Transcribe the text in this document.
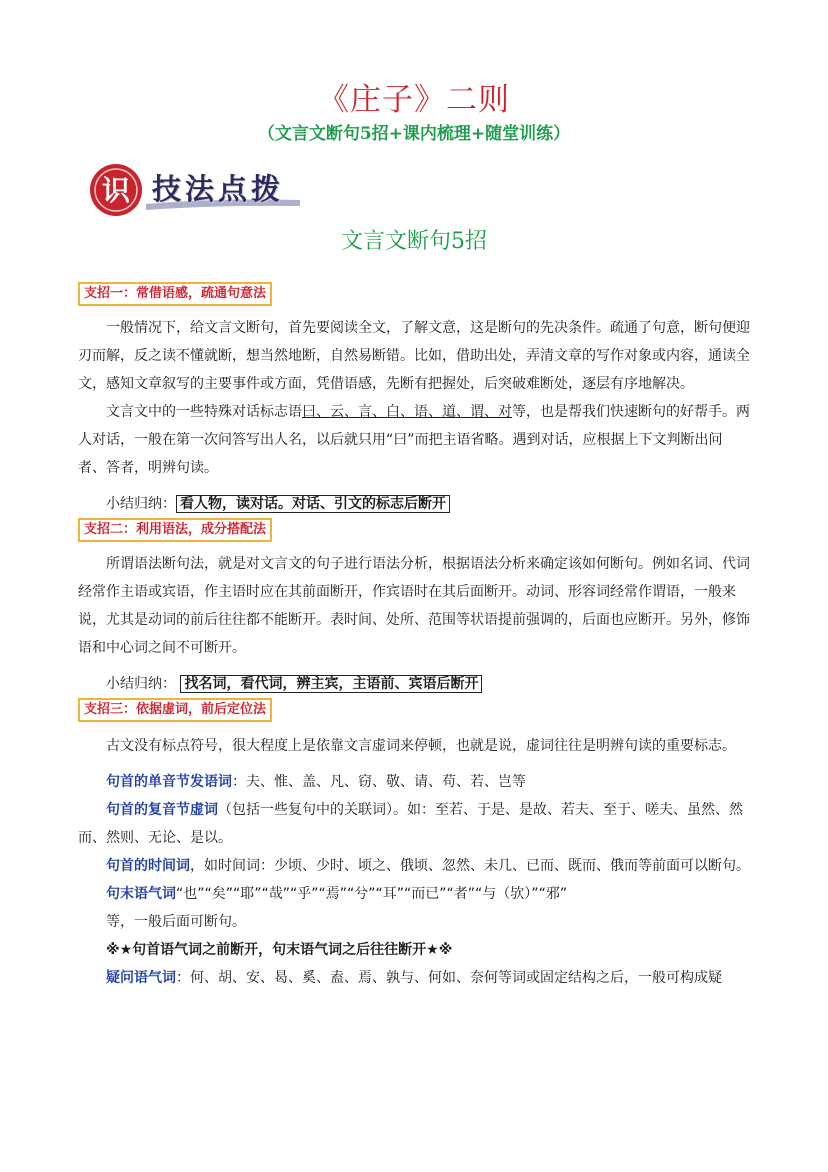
《庄子》二则
（文言文断句5招+课内梳理+随堂训练）
识 技法点拨
文言文断句5招
支招一：常借语感，疏通句意法

一般情况下，给文言文断句，首先要阅读全文，了解文意，这是断句的先决条件。疏通了句意，断句便迎刃而解，反之读不懂就断，想当然地断，自然易断错。比如，借助出处，弄清文章的写作对象或内容，通读全文，感知文章叙写的主要事件或方面，凭借语感，先断有把握处，后突破难断处，逐层有序地解决。

文言文中的一些特殊对话标志语曰、云、言、白、语、道、谓、对等，也是帮我们快速断句的好帮手。两人对话，一般在第一次问答写出人名，以后就只用“曰”而把主语省略。遇到对话，应根据上下文判断出问者、答者，明辨句读。

小结归纳： 看人物，读对话。对话、引文的标志后断开

支招二：利用语法，成分搭配法

所谓语法断句法，就是对文言文的句子进行语法分析，根据语法分析来确定该如何断句。例如名词、代词经常作主语或宾语，作主语时应在其前面断开，作宾语时在其后面断开。动词、形容词经常作谓语，一般来说，尤其是动词的前后往往都不能断开。表时间、处所、范围等状语提前强调的，后面也应断开。另外，修饰语和中心词之间不可断开。

小结归纳： 找名词，看代词，辨主宾，主语前、宾语后断开

支招三：依据虚词，前后定位法

古文没有标点符号，很大程度上是依靠文言虚词来停顿，也就是说，虚词往往是明辨句读的重要标志。

句首的单音节发语词：夫、惟、盖、凡、窃、敬、请、苟、若、岂等

句首的复音节虚词（包括一些复句中的关联词）。如：至若、于是、是故、若夫、至于、嗟夫、虽然、然而、然则、无论、是以。

句首的时间词，如时间词：少顷、少时、顷之、俄顷、忽然、未几、已而、既而、俄而等前面可以断句。

句末语气词“也”“矣”“耶”“哉”“乎”“焉”“兮”“耳”“而已”“者”“与（欤）”“邪”

等，一般后面可断句。

※★句首语气词之前断开，句末语气词之后往往断开★※

疑问语气词：何、胡、安、曷、奚、盍、焉、孰与、何如、奈何等词或固定结构之后，一般可构成疑
